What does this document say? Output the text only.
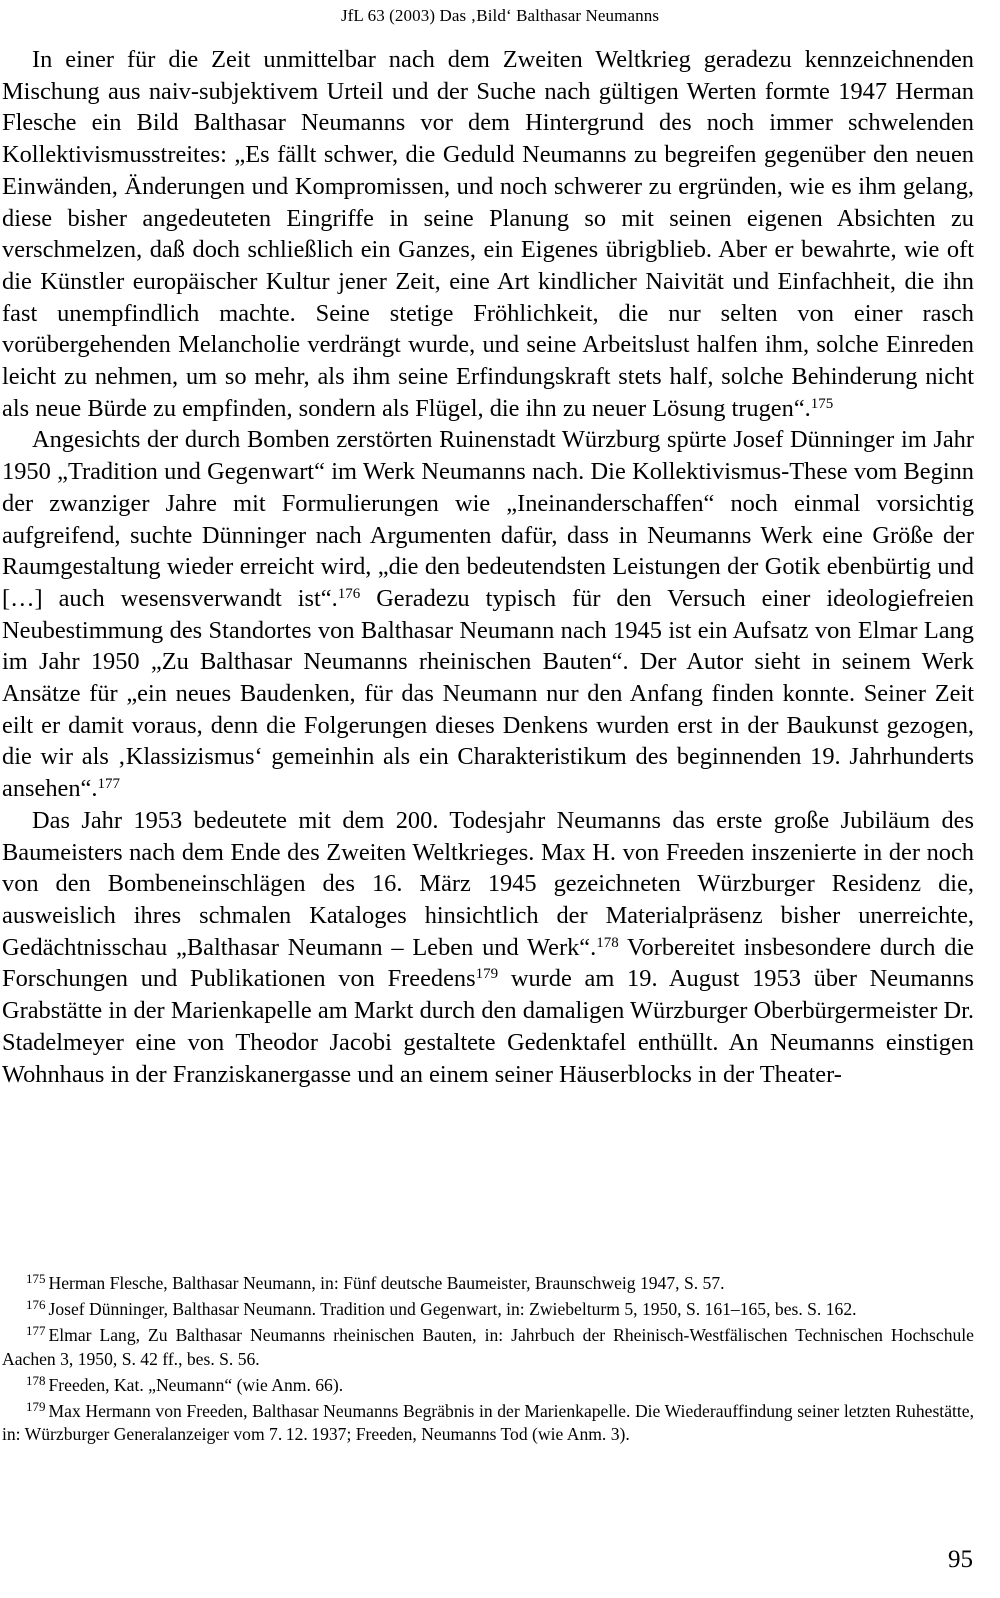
JfL 63 (2003) Das ‚Bild‘ Balthasar Neumanns

In einer für die Zeit unmittelbar nach dem Zweiten Weltkrieg geradezu kennzeichnenden Mischung aus naiv-subjektivem Urteil und der Suche nach gültigen Werten formte 1947 Herman Flesche ein Bild Balthasar Neumanns vor dem Hintergrund des noch immer schwelenden Kollektivismusstreites: „Es fällt schwer, die Geduld Neumanns zu begreifen gegenüber den neuen Einwänden, Änderungen und Kompromissen, und noch schwerer zu ergründen, wie es ihm gelang, diese bisher angedeuteten Eingriffe in seine Planung so mit seinen eigenen Absichten zu verschmelzen, daß doch schließlich ein Ganzes, ein Eigenes übrigblieb. Aber er bewahrte, wie oft die Künstler europäischer Kultur jener Zeit, eine Art kindlicher Naivität und Einfachheit, die ihn fast unempfindlich machte. Seine stetige Fröhlichkeit, die nur selten von einer rasch vorübergehenden Melancholie verdrängt wurde, und seine Arbeitslust halfen ihm, solche Einreden leicht zu nehmen, um so mehr, als ihm seine Erfindungskraft stets half, solche Behinderung nicht als neue Bürde zu empfinden, sondern als Flügel, die ihn zu neuer Lösung trugen“.$^{175}$

Angesichts der durch Bomben zerstörten Ruinenstadt Würzburg spürte Josef Dünninger im Jahr 1950 „Tradition und Gegenwart“ im Werk Neumanns nach. Die Kollektivismus-These vom Beginn der zwanziger Jahre mit Formulierungen wie „Ineinanderschaffen“ noch einmal vorsichtig aufgreifend, suchte Dünninger nach Argumenten dafür, dass in Neumanns Werk eine Größe der Raumgestaltung wieder erreicht wird, „die den bedeutendsten Leistungen der Gotik ebenbürtig und […] auch wesensverwandt ist“.$^{176}$ Geradezu typisch für den Versuch einer ideologiefreien Neubestimmung des Standortes von Balthasar Neumann nach 1945 ist ein Aufsatz von Elmar Lang im Jahr 1950 „Zu Balthasar Neumanns rheinischen Bauten“. Der Autor sieht in seinem Werk Ansätze für „ein neues Baudenken, für das Neumann nur den Anfang finden konnte. Seiner Zeit eilt er damit voraus, denn die Folgerungen dieses Denkens wurden erst in der Baukunst gezogen, die wir als ‚Klassizismus‘ gemeinhin als ein Charakteristikum des beginnenden 19. Jahrhunderts ansehen“.$^{177}$

Das Jahr 1953 bedeutete mit dem 200. Todesjahr Neumanns das erste große Jubiläum des Baumeisters nach dem Ende des Zweiten Weltkrieges. Max H. von Freeden inszenierte in der noch von den Bombeneinschlägen des 16. März 1945 gezeichneten Würzburger Residenz die, ausweislich ihres schmalen Kataloges hinsichtlich der Materialpräsenz bisher unerreichte, Gedächtnisschau „Balthasar Neumann – Leben und Werk“.$^{178}$ Vorbereitet insbesondere durch die Forschungen und Publikationen von Freedens$^{179}$ wurde am 19. August 1953 über Neumanns Grabstätte in der Marienkapelle am Markt durch den damaligen Würzburger Oberbürgermeister Dr. Stadelmeyer eine von Theodor Jacobi gestaltete Gedenktafel enthüllt. An Neumanns einstigen Wohnhaus in der Franziskanergasse und an einem seiner Häuserblocks in der Theater-

$^{175}$ Herman Flesche, Balthasar Neumann, in: Fünf deutsche Baumeister, Braunschweig 1947, S. 57.

$^{176}$ Josef Dünninger, Balthasar Neumann. Tradition und Gegenwart, in: Zwiebelturm 5, 1950, S. 161–165, bes. S. 162.

$^{177}$ Elmar Lang, Zu Balthasar Neumanns rheinischen Bauten, in: Jahrbuch der Rheinisch-Westfälischen Technischen Hochschule Aachen 3, 1950, S. 42 ff., bes. S. 56.

$^{178}$ Freeden, Kat. „Neumann“ (wie Anm. 66).

$^{179}$ Max Hermann von Freeden, Balthasar Neumanns Begräbnis in der Marienkapelle. Die Wiederauffindung seiner letzten Ruhestätte, in: Würzburger Generalanzeiger vom 7. 12. 1937; Freeden, Neumanns Tod (wie Anm. 3).

95
